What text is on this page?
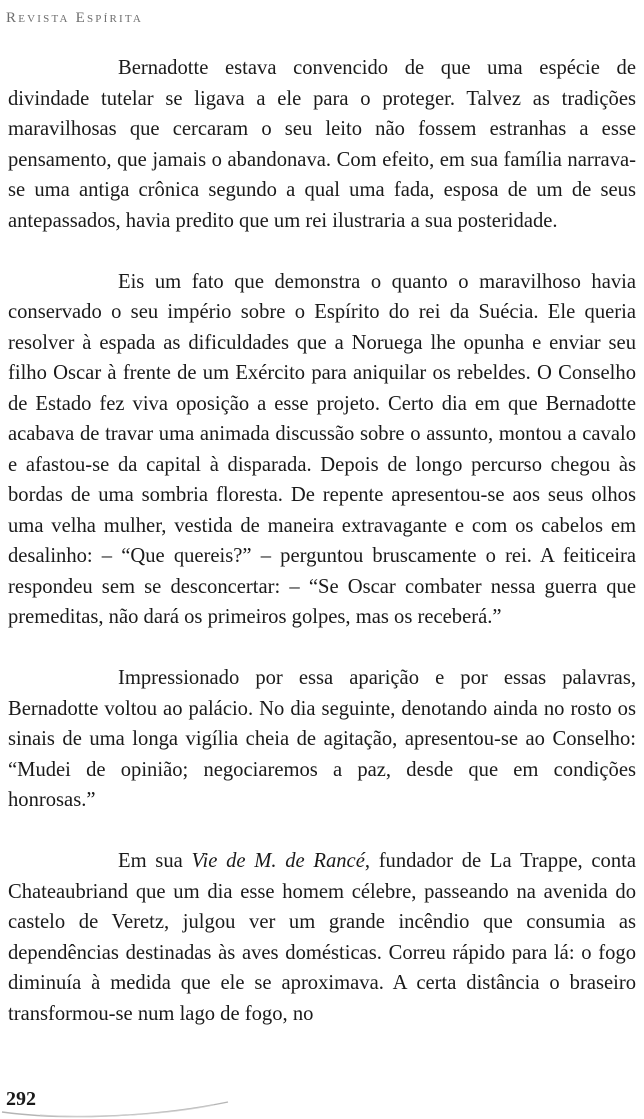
Revista Espírita

Bernadotte estava convencido de que uma espécie de divindade tutelar se ligava a ele para o proteger. Talvez as tradições maravilhosas que cercaram o seu leito não fossem estranhas a esse pensamento, que jamais o abandonava. Com efeito, em sua família narrava-se uma antiga crônica segundo a qual uma fada, esposa de um de seus antepassados, havia predito que um rei ilustraria a sua posteridade.

Eis um fato que demonstra o quanto o maravilhoso havia conservado o seu império sobre o Espírito do rei da Suécia. Ele queria resolver à espada as dificuldades que a Noruega lhe opunha e enviar seu filho Oscar à frente de um Exército para aniquilar os rebeldes. O Conselho de Estado fez viva oposição a esse projeto. Certo dia em que Bernadotte acabava de travar uma animada discussão sobre o assunto, montou a cavalo e afastou-se da capital à disparada. Depois de longo percurso chegou às bordas de uma sombria floresta. De repente apresentou-se aos seus olhos uma velha mulher, vestida de maneira extravagante e com os cabelos em desalinho: – “Que quereis?” – perguntou bruscamente o rei. A feiticeira respondeu sem se desconcertar: – “Se Oscar combater nessa guerra que premeditas, não dará os primeiros golpes, mas os receberá.”

Impressionado por essa aparição e por essas palavras, Bernadotte voltou ao palácio. No dia seguinte, denotando ainda no rosto os sinais de uma longa vigília cheia de agitação, apresentou-se ao Conselho: “Mudei de opinião; negociaremos a paz, desde que em condições honrosas.”

Em sua Vie de M. de Rancé, fundador de La Trappe, conta Chateaubriand que um dia esse homem célebre, passeando na avenida do castelo de Veretz, julgou ver um grande incêndio que consumia as dependências destinadas às aves domésticas. Correu rápido para lá: o fogo diminuía à medida que ele se aproximava. A certa distância o braseiro transformou-se num lago de fogo, no

292
